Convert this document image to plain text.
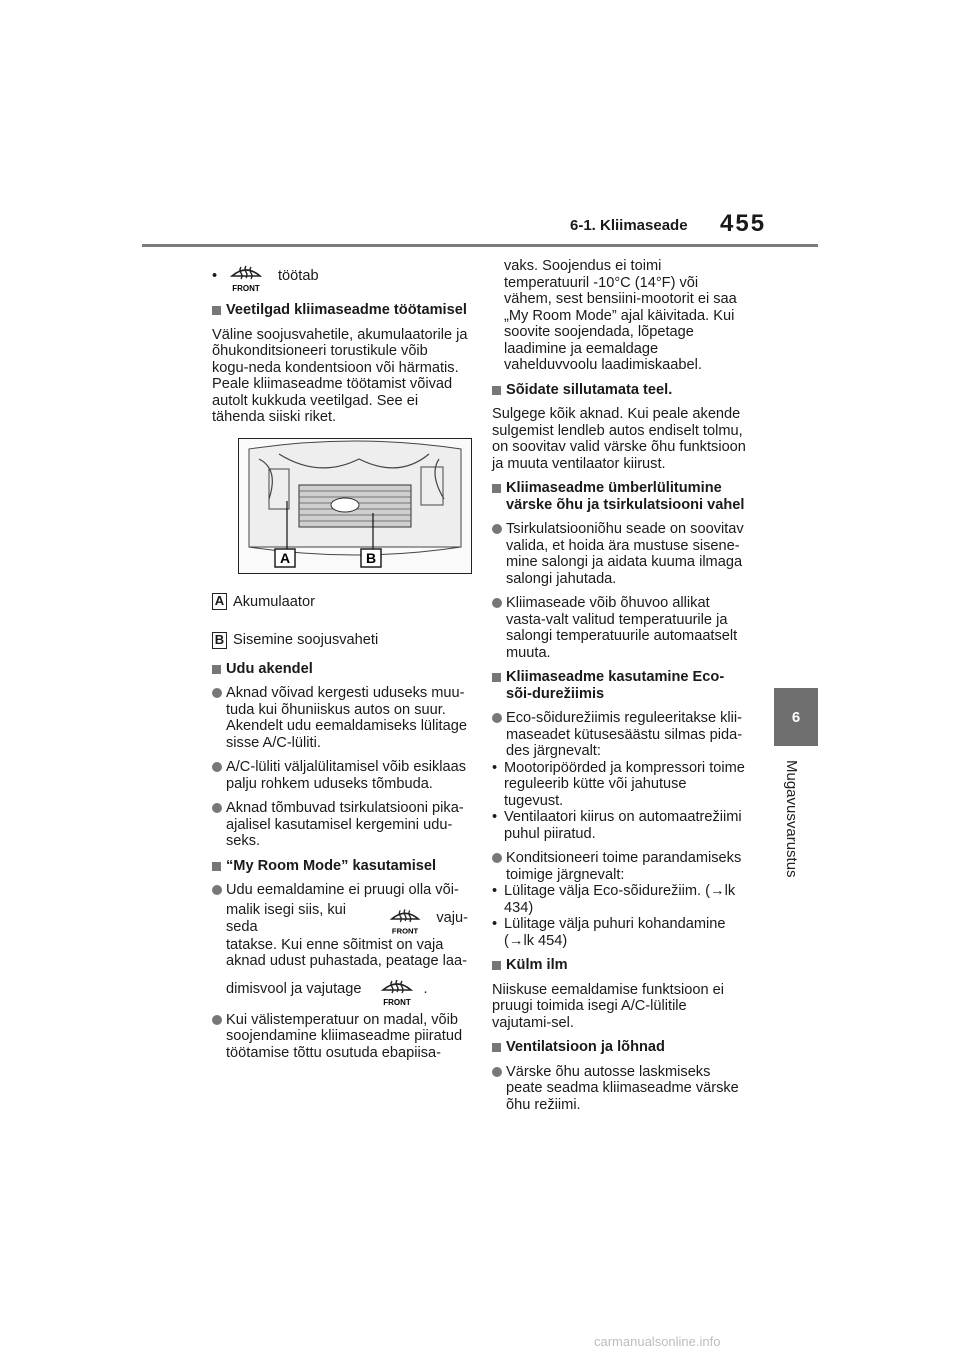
6-1. Kliimaseade 455
6
Mugavusvarustus
•
FRONT
töötab
Veetilgad kliimaseadme töötamisel

Väline soojusvahetile, akumulaatorile ja õhukonditsioneeri torustikule võib kogu-neda kondentsioon või härmatis. Peale kliimaseadme töötamist võivad autolt kukkuda veetilgad. See ei tähenda siiski riket.

A	B
A Akumulaator
B Sisemine soojusvaheti
Udu akendel
Aknad võivad kergesti uduseks muu-tuda kui õhuniiskus autos on suur. Akendelt udu eemaldamiseks lülitage sisse A/C-lüliti.
A/C-lüliti väljalülitamisel võib esiklaas palju rohkem uduseks tõmbuda.
Aknad tõmbuvad tsirkulatsiooni pika-ajalisel kasutamisel kergemini udu-seks.
“My Room Mode” kasutamisel
Udu eemaldamine ei pruugi olla või-
malik isegi siis, kui seda	FRONT
vaju-
tatakse. Kui enne sõitmist on vaja aknad udust puhastada, peatage laa-
dimisvool ja vajutage
FRONT
.
Kui välistemperatuur on madal, võib soojendamine kliimaseadme piiratud töötamise tõttu osutuda ebapiisa-

vaks. Soojendus ei toimi temperatuuril -10°C (14°F) või vähem, sest bensiini-mootorit ei saa „My Room Mode” ajal käivitada. Kui soovite soojendada, lõpetage laadimine ja eemaldage vahelduvvoolu laadimiskaabel.

Sõidate sillutamata teel.

Sulgege kõik aknad. Kui peale akende sulgemist lendleb autos endiselt tolmu, on soovitav valid värske õhu funktsioon ja muuta ventilaator kiirust.

Kliimaseadme ümberlülitumine värske õhu ja tsirkulatsiooni vahel
Tsirkulatsiooniõhu seade on soovitav valida, et hoida ära mustuse sisene-mine salongi ja aidata kuuma ilmaga salongi jahutada.
Kliimaseade võib õhuvoo allikat vasta-valt valitud temperatuurile ja salongi temperatuurile automaatselt muuta.
Kliimaseadme kasutamine Eco-sõi-durežiimis
Eco-sõidurežiimis reguleeritakse klii-maseadet kütusesäästu silmas pida-des järgnevalt:
• Mootoripöörded ja kompressori toime reguleerib kütte või jahutuse tugevust.
• Ventilaatori kiirus on automaatrežiimi puhul piiratud.
Konditsioneeri toime parandamiseks toimige järgnevalt:
• Lülitage välja Eco-sõidurežiim. (→lk 434)
• Lülitage välja puhuri kohandamine (→lk 454)
Külm ilm

Niiskuse eemaldamise funktsioon ei pruugi toimida isegi A/C-lülitile vajutami-sel.

Ventilatsioon ja lõhnad
Värske õhu autosse laskmiseks peate seadma kliimaseadme värske õhu režiimi.
carmanualsonline.info
